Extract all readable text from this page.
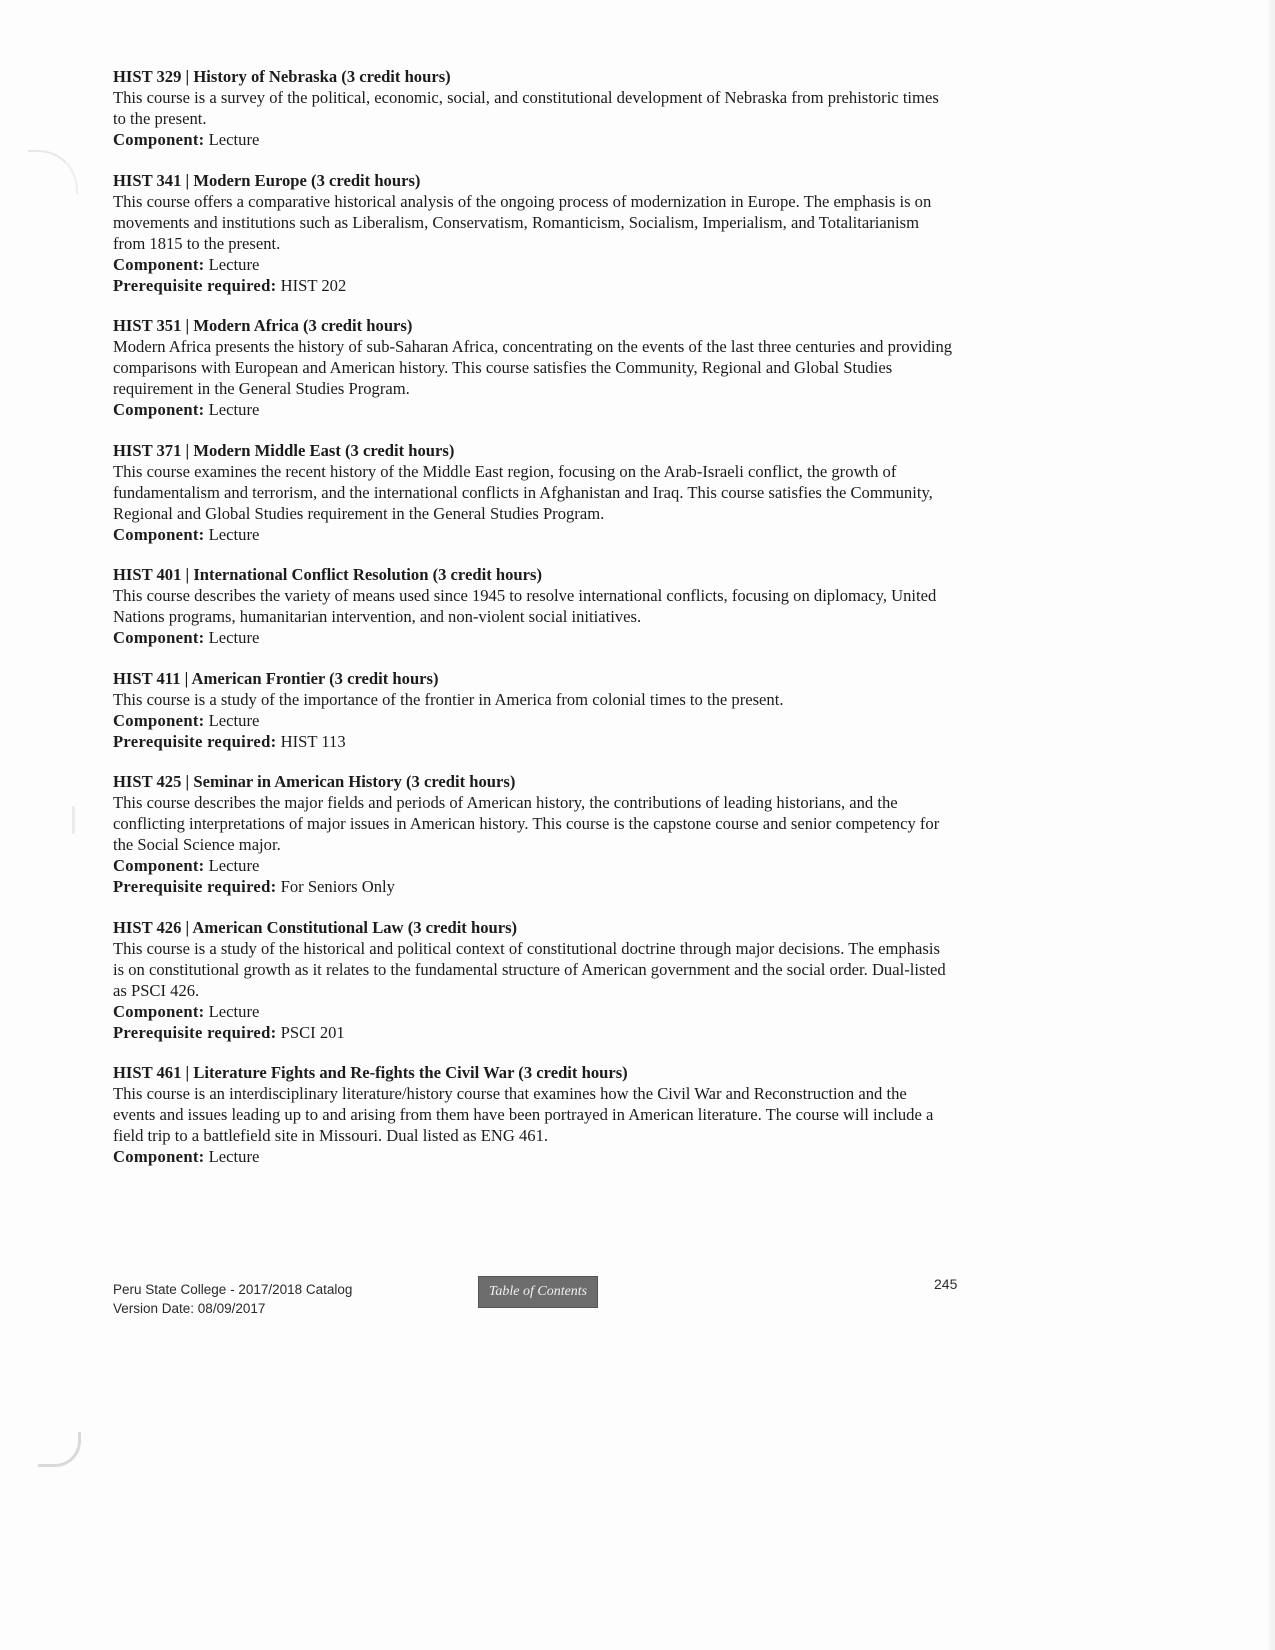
HIST 329 | History of Nebraska (3 credit hours)
This course is a survey of the political, economic, social, and constitutional development of Nebraska from prehistoric times to the present.
Component: Lecture
HIST 341 | Modern Europe (3 credit hours)
This course offers a comparative historical analysis of the ongoing process of modernization in Europe. The emphasis is on movements and institutions such as Liberalism, Conservatism, Romanticism, Socialism, Imperialism, and Totalitarianism from 1815 to the present.
Component: Lecture
Prerequisite required: HIST 202
HIST 351 | Modern Africa (3 credit hours)
Modern Africa presents the history of sub-Saharan Africa, concentrating on the events of the last three centuries and providing comparisons with European and American history. This course satisfies the Community, Regional and Global Studies requirement in the General Studies Program.
Component: Lecture
HIST 371 | Modern Middle East (3 credit hours)
This course examines the recent history of the Middle East region, focusing on the Arab-Israeli conflict, the growth of fundamentalism and terrorism, and the international conflicts in Afghanistan and Iraq. This course satisfies the Community, Regional and Global Studies requirement in the General Studies Program.
Component: Lecture
HIST 401 | International Conflict Resolution (3 credit hours)
This course describes the variety of means used since 1945 to resolve international conflicts, focusing on diplomacy, United Nations programs, humanitarian intervention, and non-violent social initiatives.
Component: Lecture
HIST 411 | American Frontier (3 credit hours)
This course is a study of the importance of the frontier in America from colonial times to the present.
Component: Lecture
Prerequisite required: HIST 113
HIST 425 | Seminar in American History (3 credit hours)
This course describes the major fields and periods of American history, the contributions of leading historians, and the conflicting interpretations of major issues in American history. This course is the capstone course and senior competency for the Social Science major.
Component: Lecture
Prerequisite required: For Seniors Only
HIST 426 | American Constitutional Law (3 credit hours)
This course is a study of the historical and political context of constitutional doctrine through major decisions. The emphasis is on constitutional growth as it relates to the fundamental structure of American government and the social order. Dual-listed as PSCI 426.
Component: Lecture
Prerequisite required: PSCI 201
HIST 461 | Literature Fights and Re-fights the Civil War (3 credit hours)
This course is an interdisciplinary literature/history course that examines how the Civil War and Reconstruction and the events and issues leading up to and arising from them have been portrayed in American literature. The course will include a field trip to a battlefield site in Missouri. Dual listed as ENG 461.
Component: Lecture
Peru State College - 2017/2018 Catalog
Version Date: 08/09/2017
Table of Contents	245
